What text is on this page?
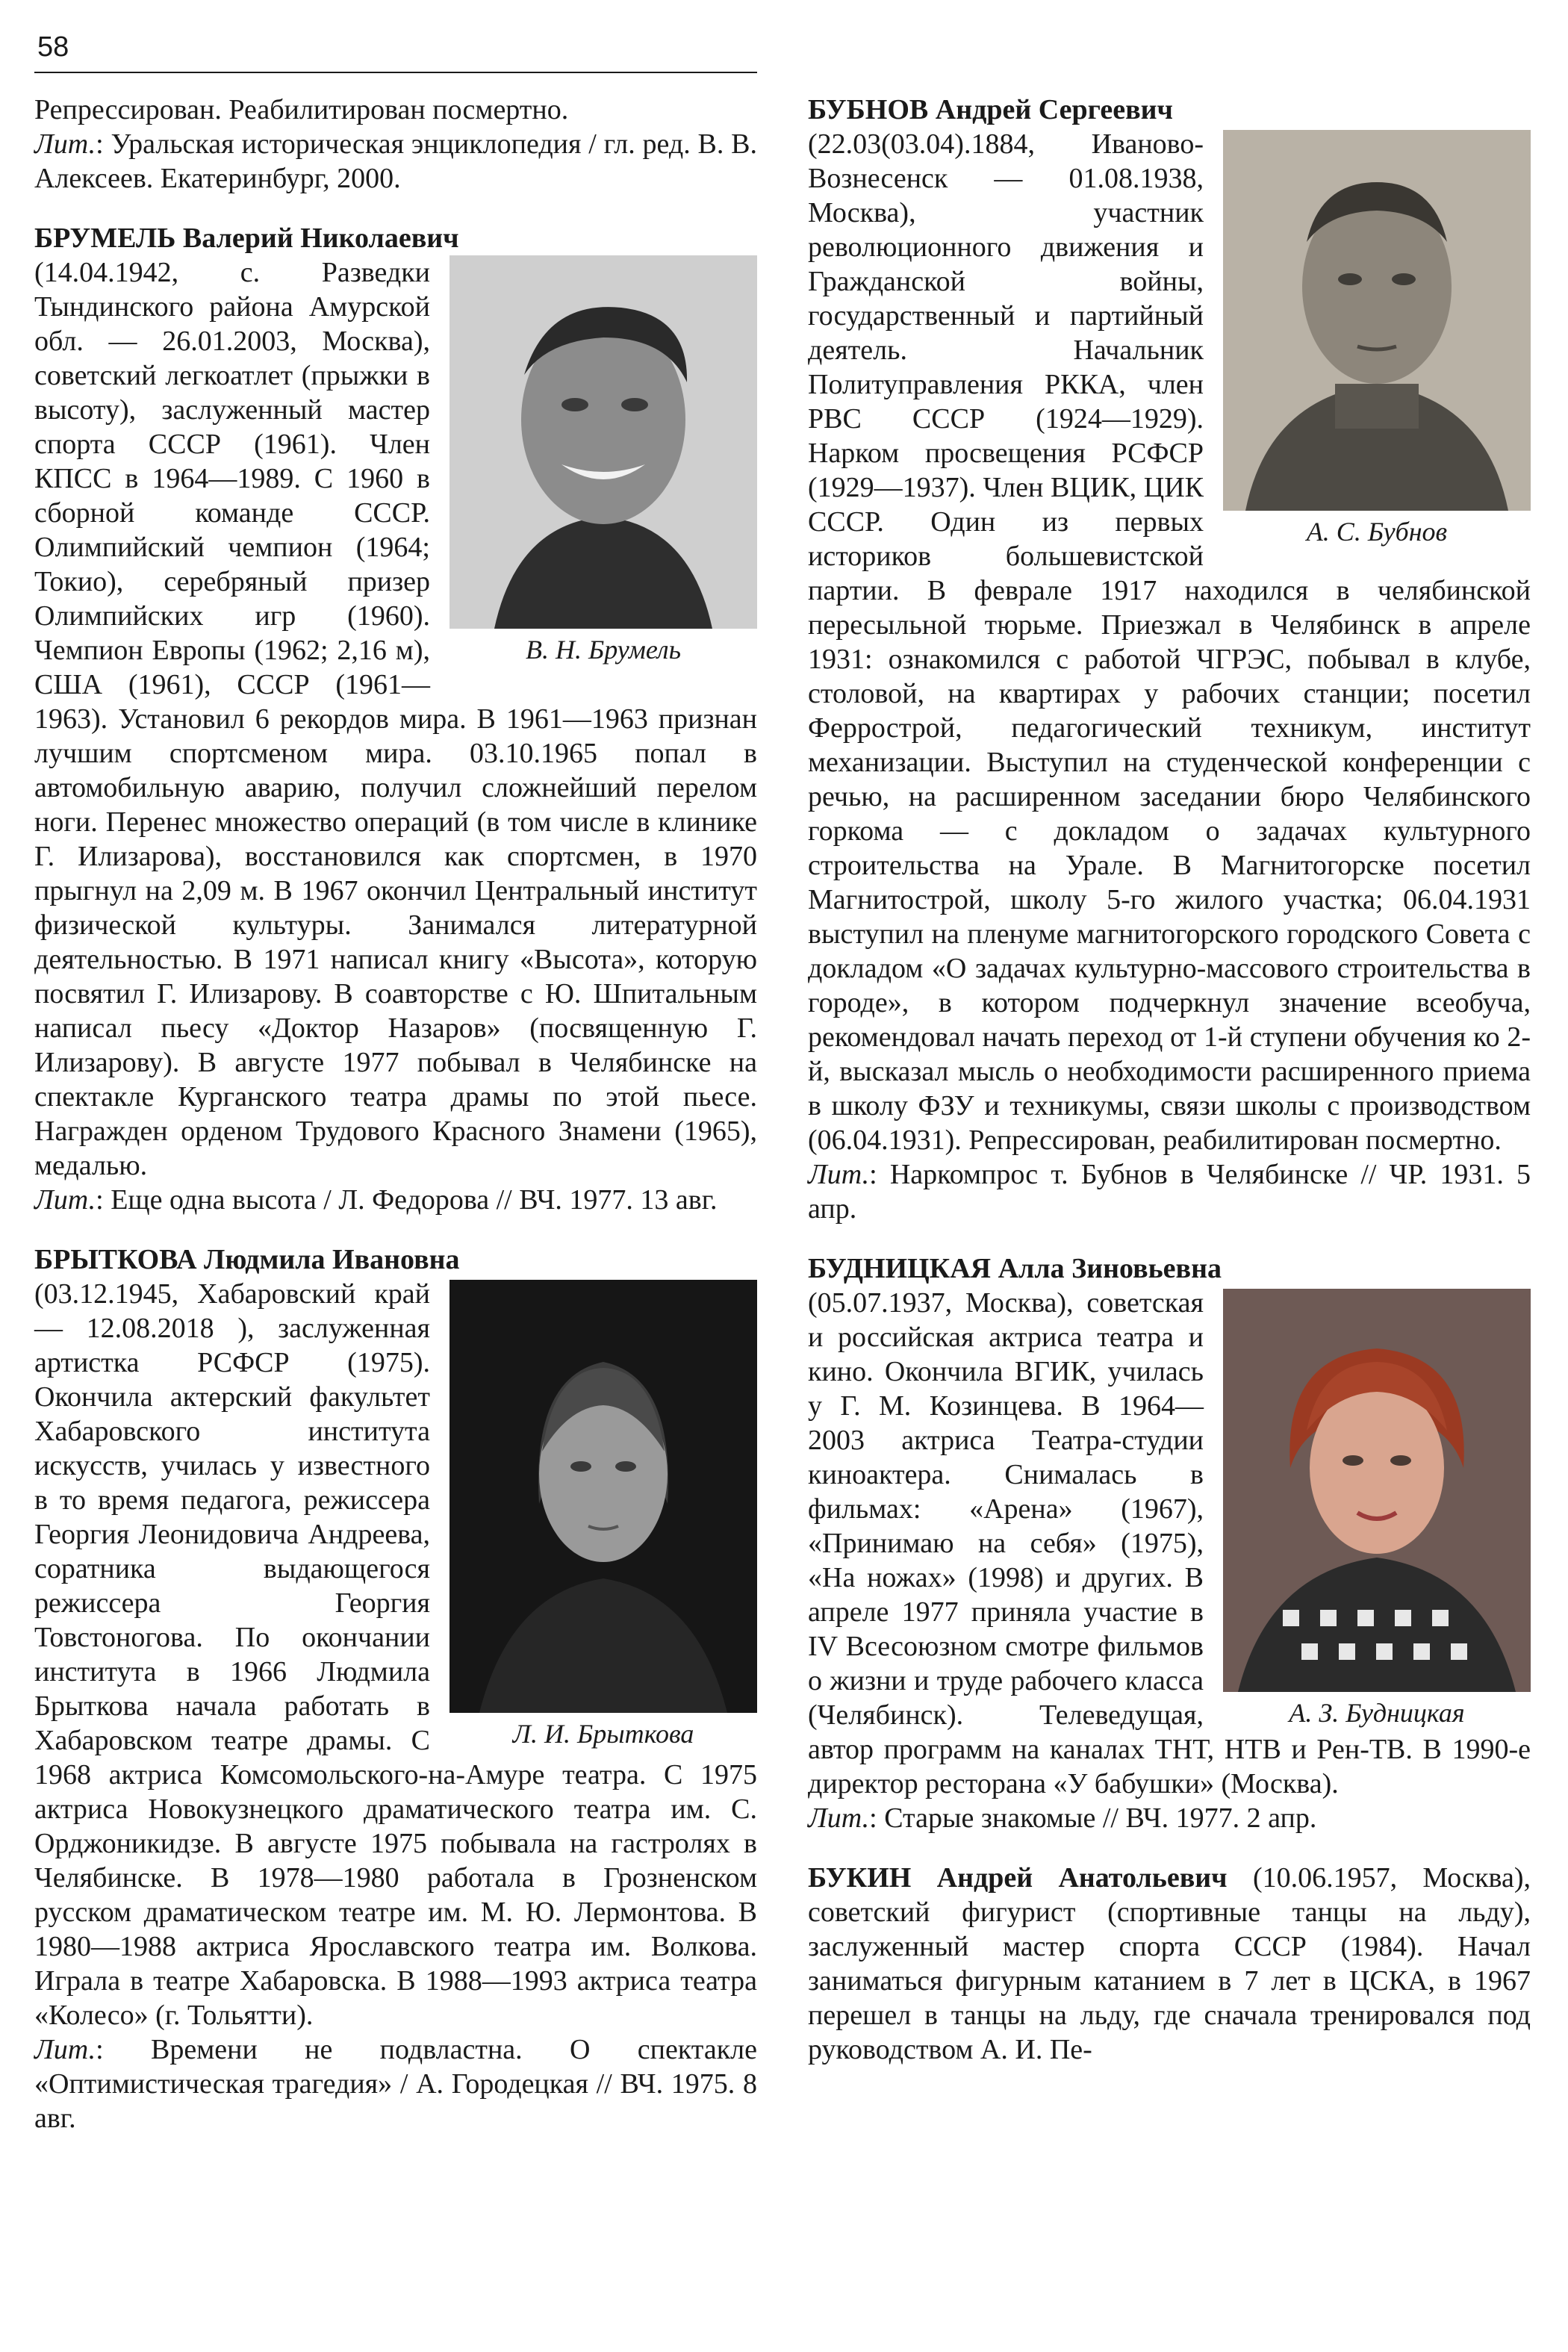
58

Репрессирован. Реабилитирован посмертно.

Лит.: Уральская историческая энциклопедия / гл. ред. В. В. Алексеев. Екатеринбург, 2000.

БРУМЕЛЬ Валерий Николаевич

В. Н. Брумель

(14.04.1942, с. Разведки Тындинского района Амурской обл. — 26.01.2003, Москва), советский легкоатлет (прыжки в высоту), заслуженный мастер спорта СССР (1961). Член КПСС в 1964—1989. С 1960 в сборной команде СССР. Олимпийский чемпион (1964; Токио), серебряный призер Олимпийских игр (1960). Чемпион Европы (1962; 2,16 м), США (1961), СССР (1961—1963). Установил 6 рекордов мира. В 1961—1963 признан лучшим спортсменом мира. 03.10.1965 попал в автомобильную аварию, получил сложнейший перелом ноги. Перенес множество операций (в том числе в клинике Г. Илизарова), восстановился как спортсмен, в 1970 прыгнул на 2,09 м. В 1967 окончил Центральный институт физической культуры. Занимался литературной деятельностью. В 1971 написал книгу «Высота», которую посвятил Г. Илизарову. В соавторстве с Ю. Шпитальным написал пьесу «Доктор Назаров» (посвященную Г. Илизарову). В августе 1977 побывал в Челябинске на спектакле Курганского театра драмы по этой пьесе. Награжден орденом Трудового Красного Знамени (1965), медалью.

Лит.: Еще одна высота / Л. Федорова // ВЧ. 1977. 13 авг.

БРЫТКОВА Людмила Ивановна

Л. И. Брыткова

(03.12.1945, Хабаровский край — 12.08.2018 ), заслуженная артистка РСФСР (1975). Окончила актерский факультет Хабаровского института искусств, училась у известного в то время педагога, режиссера Георгия Леонидовича Андреева, соратника выдающегося режиссера Георгия Товстоногова. По окончании института в 1966 Людмила Брыткова начала работать в Хабаровском театре драмы. С 1968 актриса Комсомольского-на-Амуре театра. С 1975 актриса Новокузнецкого драматического театра им. С. Орджоникидзе. В августе 1975 побывала на гастролях в Челябинске. В 1978—1980 работала в Грозненском русском драматическом театре им. М. Ю. Лермонтова. В 1980—1988 актриса Ярославского театра им. Волкова. Играла в театре Хабаровска. В 1988—1993 актриса театра «Колесо» (г. Тольятти).

Лит.: Времени не подвластна. О спектакле «Оптимистическая трагедия» / А. Городецкая // ВЧ. 1975. 8 авг.

БУБНОВ Андрей Сергеевич

А. С. Бубнов

(22.03(03.04).1884, Иваново-Вознесенск — 01.08.1938, Москва), участник революционного движения и Гражданской войны, государственный и партийный деятель. Начальник Политуправления РККА, член РВС СССР (1924—1929). Нарком просвещения РСФСР (1929—1937). Член ВЦИК, ЦИК СССР. Один из первых историков большевистской партии. В феврале 1917 находился в челябинской пересыльной тюрьме. Приезжал в Челябинск в апреле 1931: ознакомился с работой ЧГРЭС, побывал в клубе, столовой, на квартирах у рабочих станции; посетил Феррострой, педагогический техникум, институт механизации. Выступил на студенческой конференции с речью, на расширенном заседании бюро Челябинского горкома — с докладом о задачах культурного строительства на Урале. В Магнитогорске посетил Магнитострой, школу 5-го жилого участка; 06.04.1931 выступил на пленуме магнитогорского городского Совета с докладом «О задачах культурно-массового строительства в городе», в котором подчеркнул значение всеобуча, рекомендовал начать переход от 1-й ступени обучения ко 2-й, высказал мысль о необходимости расширенного приема в школу ФЗУ и техникумы, связи школы с производством (06.04.1931). Репрессирован, реабилитирован посмертно.

Лит.: Наркомпрос т. Бубнов в Челябинске // ЧР. 1931. 5 апр.

БУДНИЦКАЯ Алла Зиновьевна

А. З. Будницкая

(05.07.1937, Москва), советская и российская актриса театра и кино. Окончила ВГИК, училась у Г. М. Козинцева. В 1964—2003 актриса Театра-студии киноактера. Снималась в фильмах: «Арена» (1967), «Принимаю на себя» (1975), «На ножах» (1998) и других. В апреле 1977 приняла участие в IV Всесоюзном смотре фильмов о жизни и труде рабочего класса (Челябинск). Телеведущая, автор программ на каналах ТНТ, НТВ и Рен-ТВ. В 1990-е директор ресторана «У бабушки» (Москва).

Лит.: Старые знакомые // ВЧ. 1977. 2 апр.

БУКИН Андрей Анатольевич (10.06.1957, Москва), советский фигурист (спортивные танцы на льду), заслуженный мастер спорта СССР (1984). Начал заниматься фигурным катанием в 7 лет в ЦСКА, в 1967 перешел в танцы на льду, где сначала тренировался под руководством А. И. Пе-
